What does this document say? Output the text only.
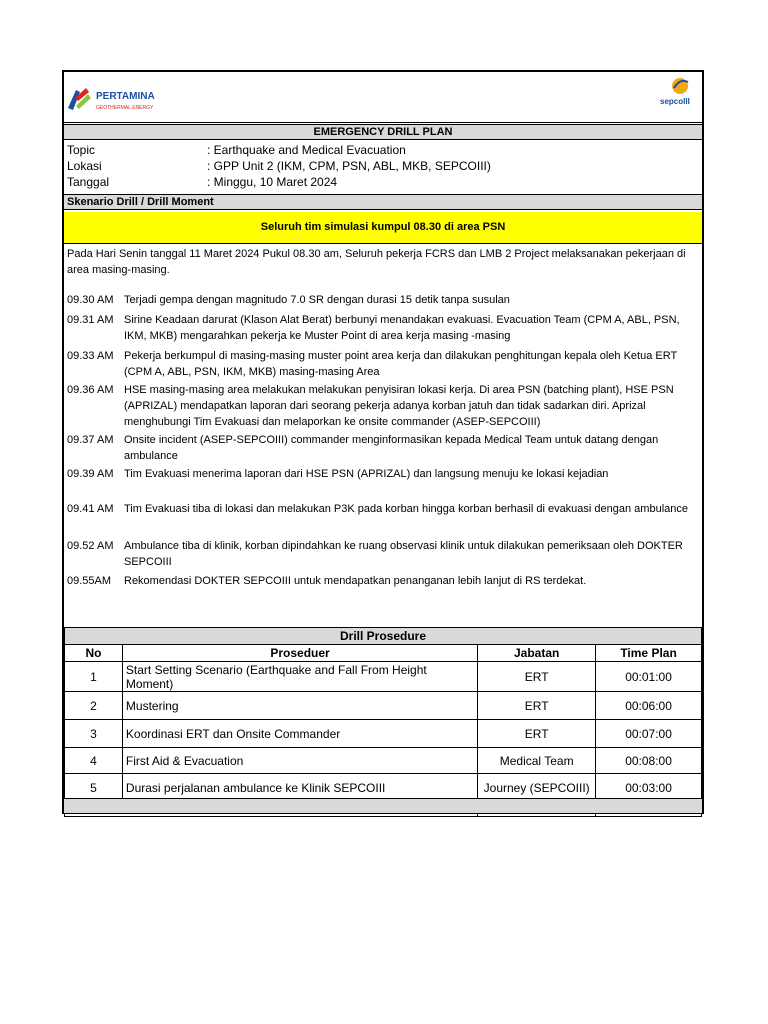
PERTAMINA
GEOTHERMAL ENERGY
sepcoIII
EMERGENCY DRILL PLAN
Topic	: Earthquake and Medical Evacuation
Lokasi	: GPP Unit 2 (IKM, CPM, PSN, ABL, MKB, SEPCOIII)
Tanggal	: Minggu, 10 Maret 2024
Skenario Drill / Drill Moment
Seluruh tim simulasi kumpul 08.30 di area PSN
Pada Hari Senin tanggal 11 Maret 2024 Pukul 08.30 am, Seluruh pekerja FCRS dan LMB 2 Project melaksanakan pekerjaan di area masing-masing.
09.30 AM Terjadi gempa dengan magnitudo 7.0 SR dengan durasi 15 detik tanpa susulan
09.31 AM Sirine Keadaan darurat (Klason Alat Berat) berbunyi menandakan evakuasi. Evacuation Team (CPM A, ABL, PSN, IKM, MKB) mengarahkan pekerja ke Muster Point di area kerja masing -masing
09.33 AM Pekerja berkumpul di masing-masing muster point area kerja dan dilakukan penghitungan kepala oleh Ketua ERT (CPM A, ABL, PSN, IKM, MKB) masing-masing Area
09.36 AM HSE masing-masing area melakukan melakukan penyisiran lokasi kerja. Di area PSN (batching plant), HSE PSN (APRIZAL) mendapatkan laporan dari seorang pekerja adanya korban jatuh dan tidak sadarkan diri. Aprizal menghubungi Tim Evakuasi dan melaporkan ke onsite commander (ASEP-SEPCOIII)
09.37 AM Onsite incident (ASEP-SEPCOIII) commander menginformasikan kepada Medical Team untuk datang dengan ambulance
09.39 AM Tim Evakuasi menerima laporan dari HSE PSN (APRIZAL) dan langsung menuju ke lokasi kejadian
09.41 AM Tim Evakuasi tiba di lokasi dan melakukan P3K pada korban hingga korban berhasil di evakuasi dengan ambulance
09.52 AM Ambulance tiba di klinik, korban dipindahkan ke ruang observasi klinik untuk dilakukan pemeriksaan oleh DOKTER SEPCOIII
09.55AM	Rekomendasi DOKTER SEPCOIII untuk mendapatkan penanganan lebih lanjut di RS terdekat.
Drill Prosedure			
No	Proseduer	Jabatan	Time Plan
1	Start Setting Scenario (Earthquake and Fall From Height Moment)	ERT	00:01:00
2	Mustering	ERT	00:06:00
3	Koordinasi ERT dan Onsite Commander	ERT	00:07:00
4	First Aid & Evacuation	Medical Team	00:08:00
5	Durasi perjalanan ambulance ke Klinik SEPCOIII	Journey (SEPCOIII)	00:03:00
